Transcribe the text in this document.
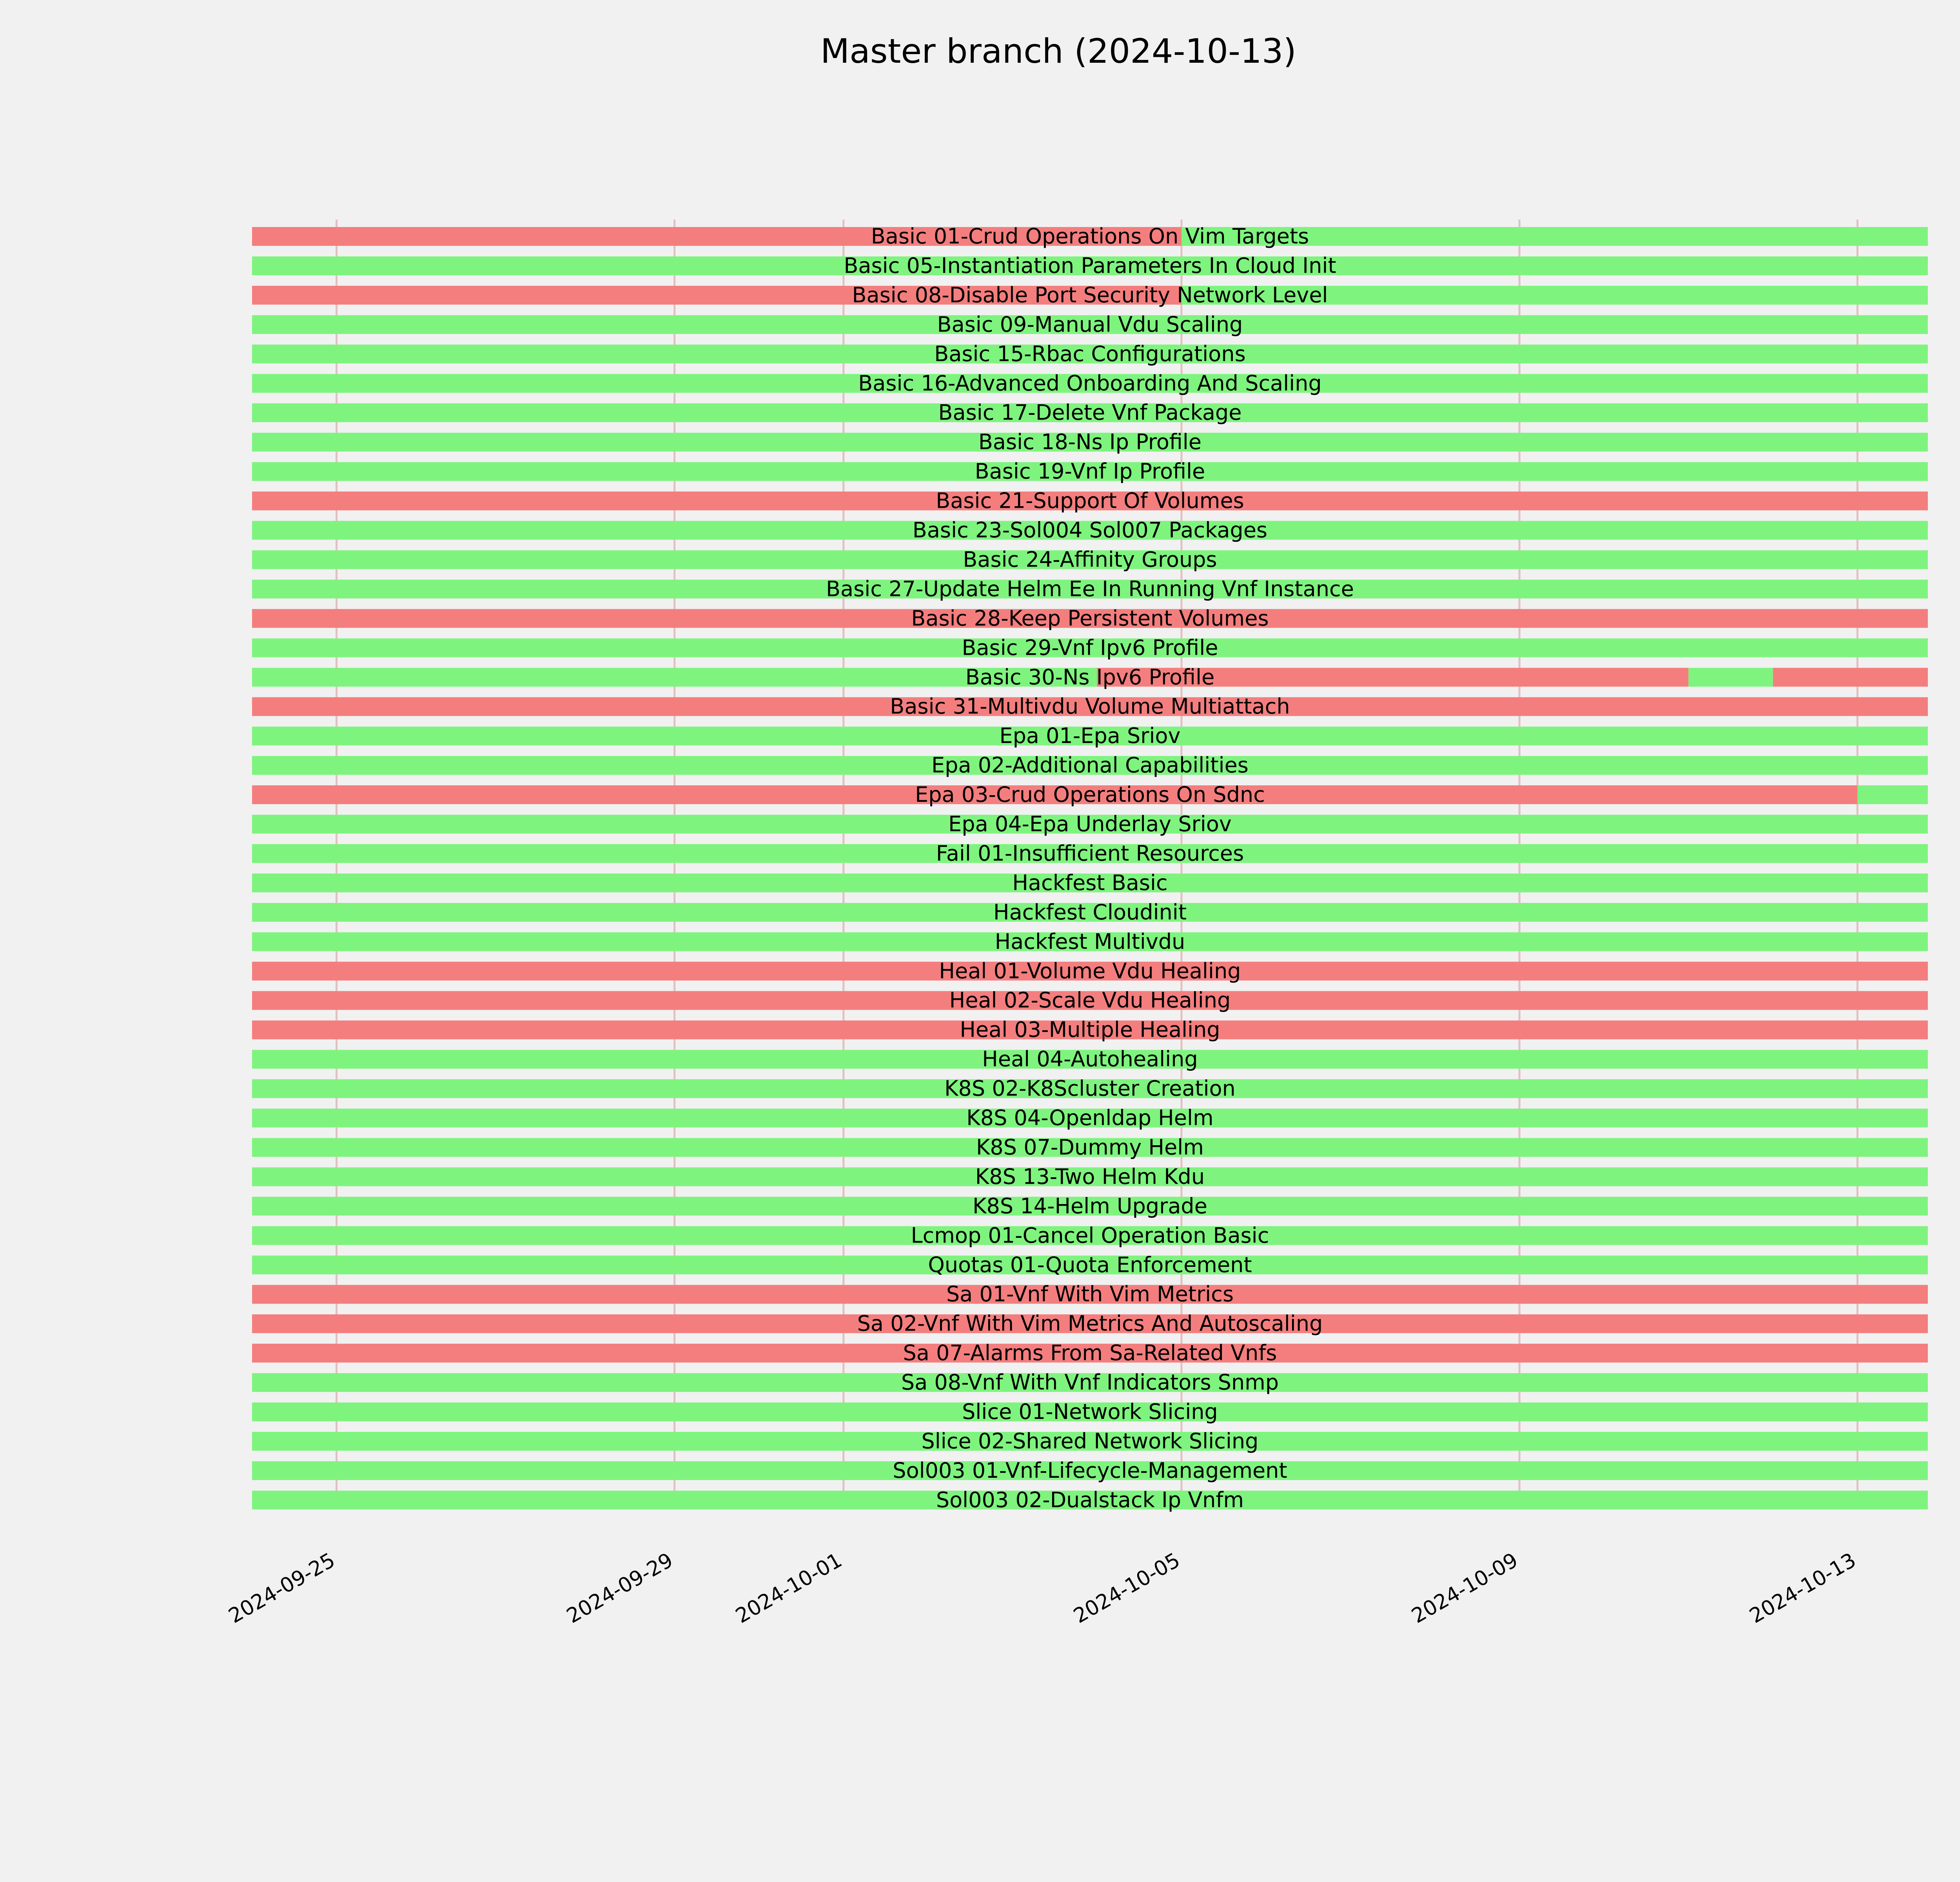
Master branch (2024-10-13)
Basic 01-Crud Operations On Vim Targets
Basic 05-Instantiation Parameters In Cloud Init
Basic 08-Disable Port Security Network Level
Basic 09-Manual Vdu Scaling
Basic 15-Rbac Configurations
Basic 16-Advanced Onboarding And Scaling
Basic 17-Delete Vnf Package
Basic 18-Ns Ip Profile
Basic 19-Vnf Ip Profile
Basic 21-Support Of Volumes
Basic 23-Sol004 Sol007 Packages
Basic 24-Affinity Groups
Basic 27-Update Helm Ee In Running Vnf Instance
Basic 28-Keep Persistent Volumes
Basic 29-Vnf Ipv6 Profile
Basic 30-Ns Ipv6 Profile
Basic 31-Multivdu Volume Multiattach
Epa 01-Epa Sriov
Epa 02-Additional Capabilities
Epa 03-Crud Operations On Sdnc
Epa 04-Epa Underlay Sriov
Fail 01-Insufficient Resources
Hackfest Basic
Hackfest Cloudinit
Hackfest Multivdu
Heal 01-Volume Vdu Healing
Heal 02-Scale Vdu Healing
Heal 03-Multiple Healing
Heal 04-Autohealing
K8S 02-K8Scluster Creation
K8S 04-Openldap Helm
K8S 07-Dummy Helm
K8S 13-Two Helm Kdu
K8S 14-Helm Upgrade
Lcmop 01-Cancel Operation Basic
Quotas 01-Quota Enforcement
Sa 01-Vnf With Vim Metrics
Sa 02-Vnf With Vim Metrics And Autoscaling
Sa 07-Alarms From Sa-Related Vnfs
Sa 08-Vnf With Vnf Indicators Snmp
Slice 01-Network Slicing
Slice 02-Shared Network Slicing
Sol003 01-Vnf-Lifecycle-Management
Sol003 02-Dualstack Ip Vnfm
2024-09-25	2024-09-29	2024-10-01	2024-10-05	2024-10-09	2024-10-13
